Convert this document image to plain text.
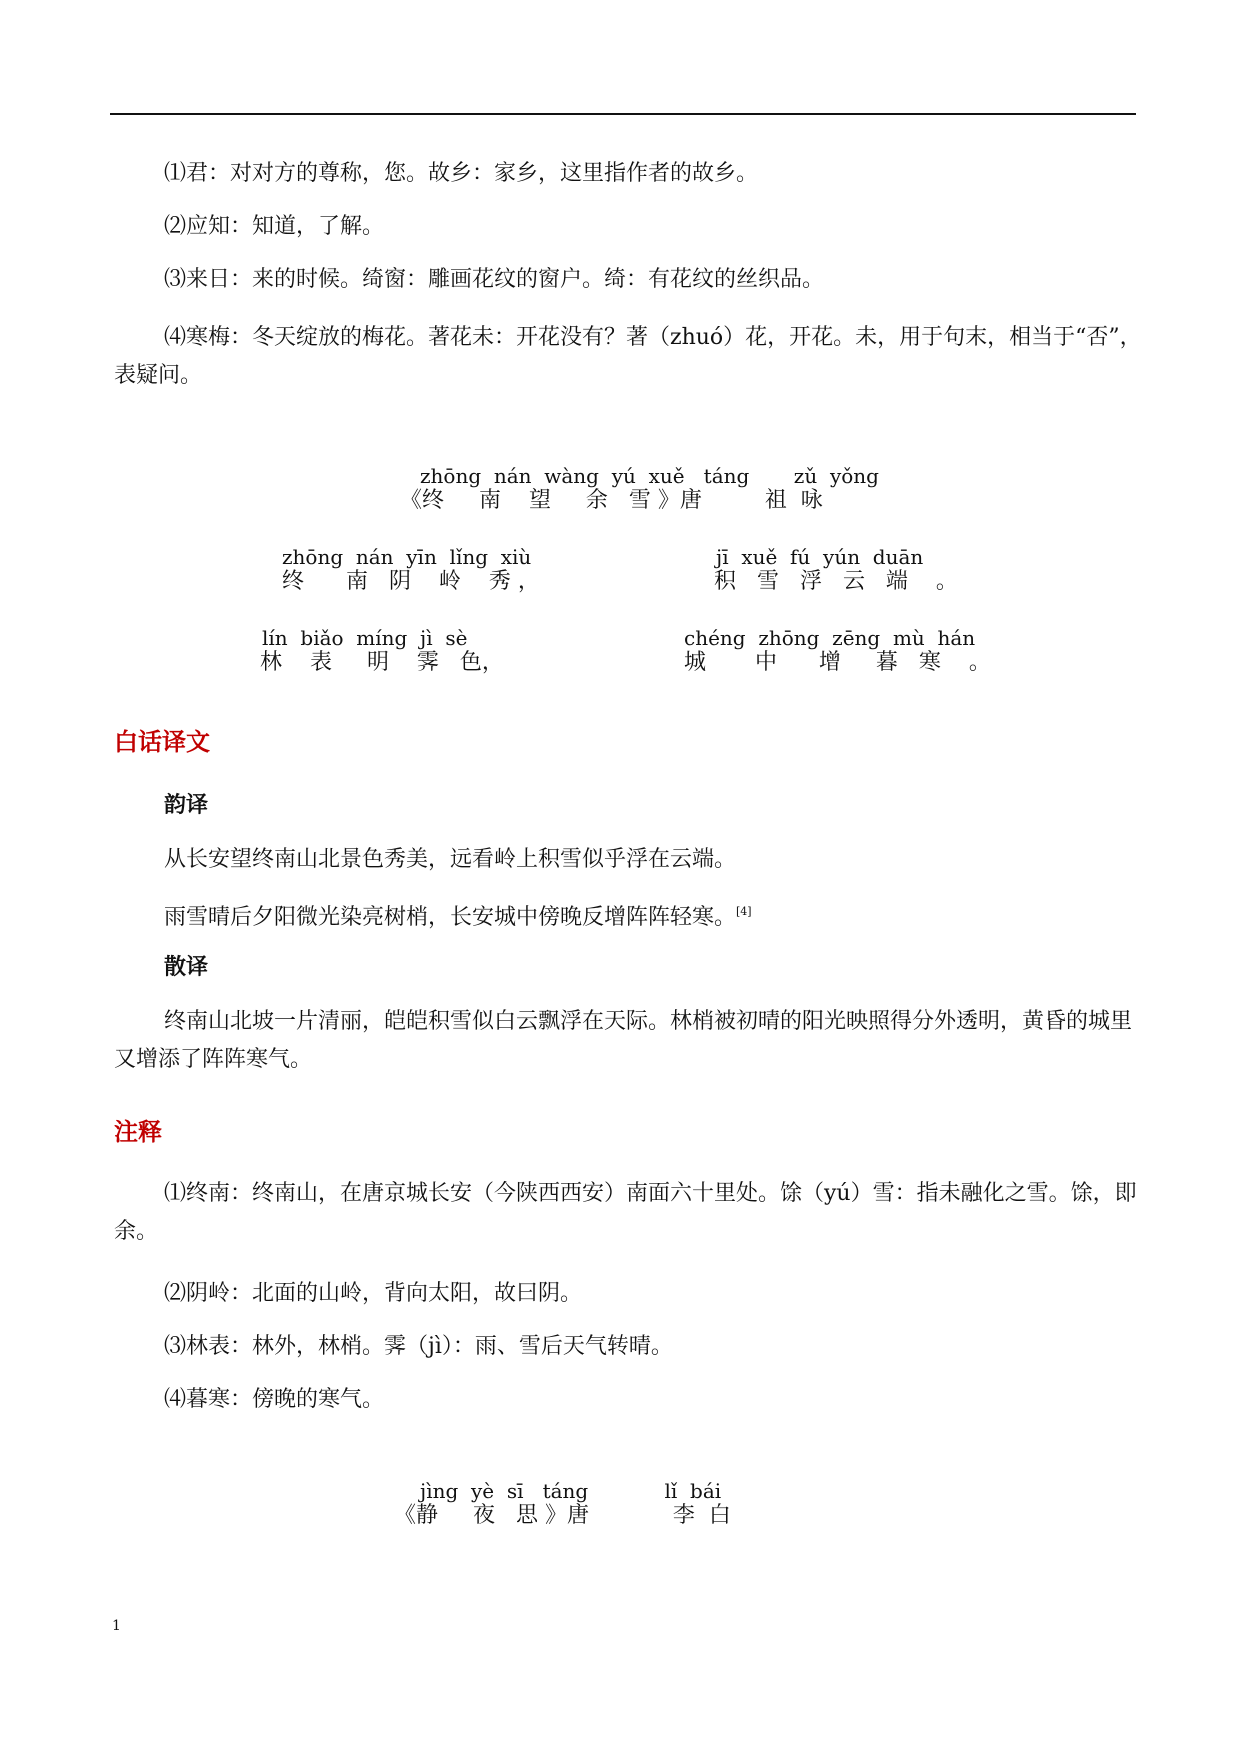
⑴君：对对方的尊称，您。故乡：家乡，这里指作者的故乡。

⑵应知：知道，了解。

⑶来日：来的时候。绮窗：雕画花纹的窗户。绮：有花纹的丝织品。

⑷寒梅：冬天绽放的梅花。著花未：开花没有？著（zhuó）花，开花。未，用于句末，相当于“否”，表疑问。

zhōng  nán  wàng  yú  xuě   táng       zǔ  yǒng
《终     南    望     余   雪 》唐         祖  咏
zhōng  nán  yīn  lǐng  xiù
终      南   阴    岭    秀 ，
jī  xuě  fú  yún  duān
积   雪   浮   云   端    。
lín  biǎo  míng  jì  sè
林    表     明    霁   色，
chéng  zhōng  zēng  mù  hán
城       中      增     暮   寒    。
白话译文
韵译

从长安望终南山北景色秀美，远看岭上积雪似乎浮在云端。

雨雪晴后夕阳微光染亮树梢，长安城中傍晚反增阵阵轻寒。[4]

散译

终南山北坡一片清丽，皑皑积雪似白云飘浮在天际。林梢被初晴的阳光映照得分外透明，黄昏的城里又增添了阵阵寒气。

注释

⑴终南：终南山，在唐京城长安（今陕西西安）南面六十里处。馀（yú）雪：指未融化之雪。馀，即余。

⑵阴岭：北面的山岭，背向太阳，故曰阴。

⑶林表：林外，林梢。霁（jì）：雨、雪后天气转晴。

⑷暮寒：傍晚的寒气。

jìng  yè  sī   táng            lǐ  bái
《静     夜   思 》唐            李  白
1
